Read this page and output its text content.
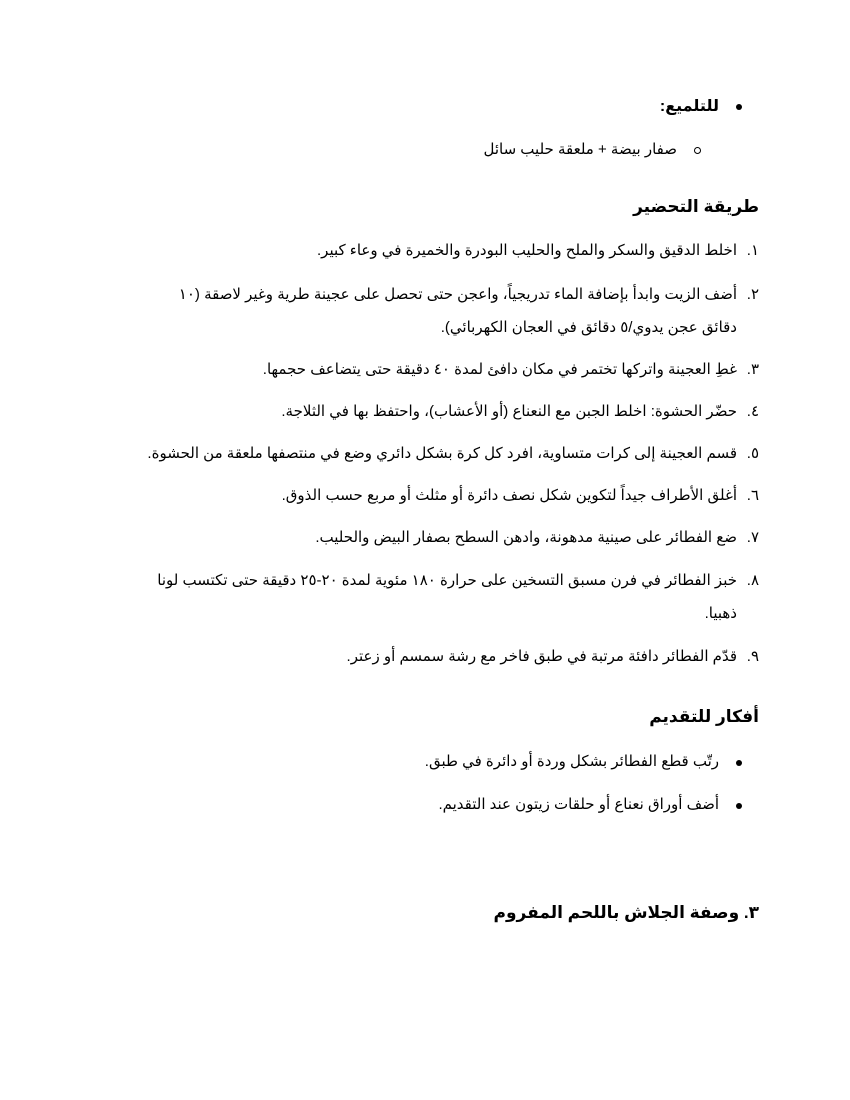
للتلميع:
صفار بيضة + ملعقة حليب سائل
طريقة التحضير
١.
اخلط الدقيق والسكر والملح والحليب البودرة والخميرة في وعاء كبير.
٢.
أضف الزيت وابدأ بإضافة الماء تدريجياً، واعجن حتى تحصل على عجينة طرية وغير لاصقة (١٠
دقائق عجن يدوي/٥ دقائق في العجان الكهربائي).
٣.
غطِ العجينة واتركها تختمر في مكان دافئ لمدة ٤٠ دقيقة حتى يتضاعف حجمها.
٤.
حضّر الحشوة: اخلط الجبن مع النعناع (أو الأعشاب)، واحتفظ بها في الثلاجة.
٥.
قسم العجينة إلى كرات متساوية، افرد كل كرة بشكل دائري وضع في منتصفها ملعقة من الحشوة.
٦.
أغلق الأطراف جيداً لتكوين شكل نصف دائرة أو مثلث أو مربع حسب الذوق.
٧.
ضع الفطائر على صينية مدهونة، وادهن السطح بصفار البيض والحليب.
٨.
خبز الفطائر في فرن مسبق التسخين على حرارة ١٨٠ مئوية لمدة ٢٠-٢٥ دقيقة حتى تكتسب لونا
ذهبيا.
٩.
قدّم الفطائر دافئة مرتبة في طبق فاخر مع رشة سمسم أو زعتر.
أفكار للتقديم
رتّب قطع الفطائر بشكل وردة أو دائرة في طبق.
أضف أوراق نعناع أو حلقات زيتون عند التقديم.
٣. وصفة الجلاش باللحم المفروم
